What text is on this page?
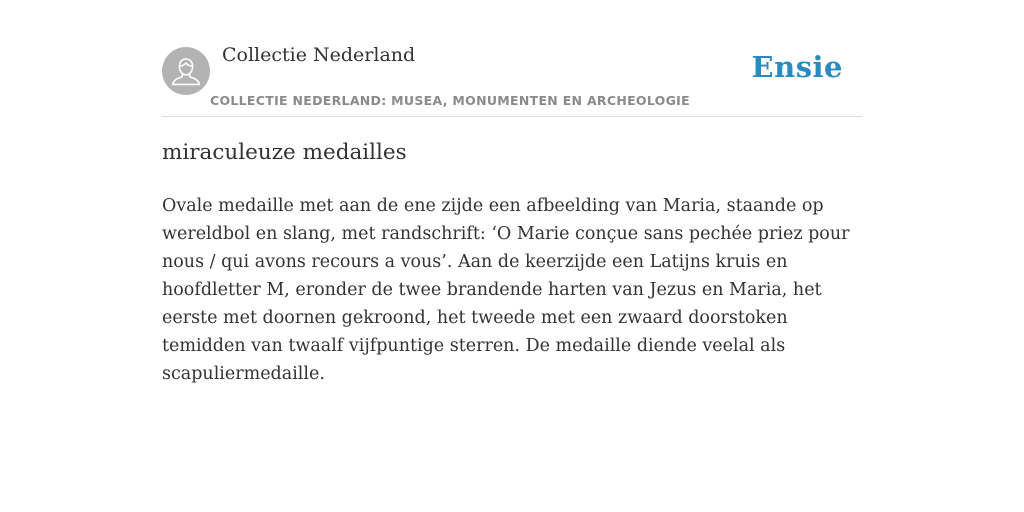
Collectie Nederland
COLLECTIE NEDERLAND: MUSEA, MONUMENTEN EN ARCHEOLOGIE
Ensie
miraculeuze medailles

Ovale medaille met aan de ene zijde een afbeelding van Maria, staande op wereldbol en slang, met randschrift: ‘O Marie conçue sans pechée priez pour nous / qui avons recours a vous’. Aan de keerzijde een Latijns kruis en hoofdletter M, eronder de twee brandende harten van Jezus en Maria, het eerste met doornen gekroond, het tweede met een zwaard doorstoken temidden van twaalf vijfpuntige sterren. De medaille diende veelal als scapuliermedaille.
